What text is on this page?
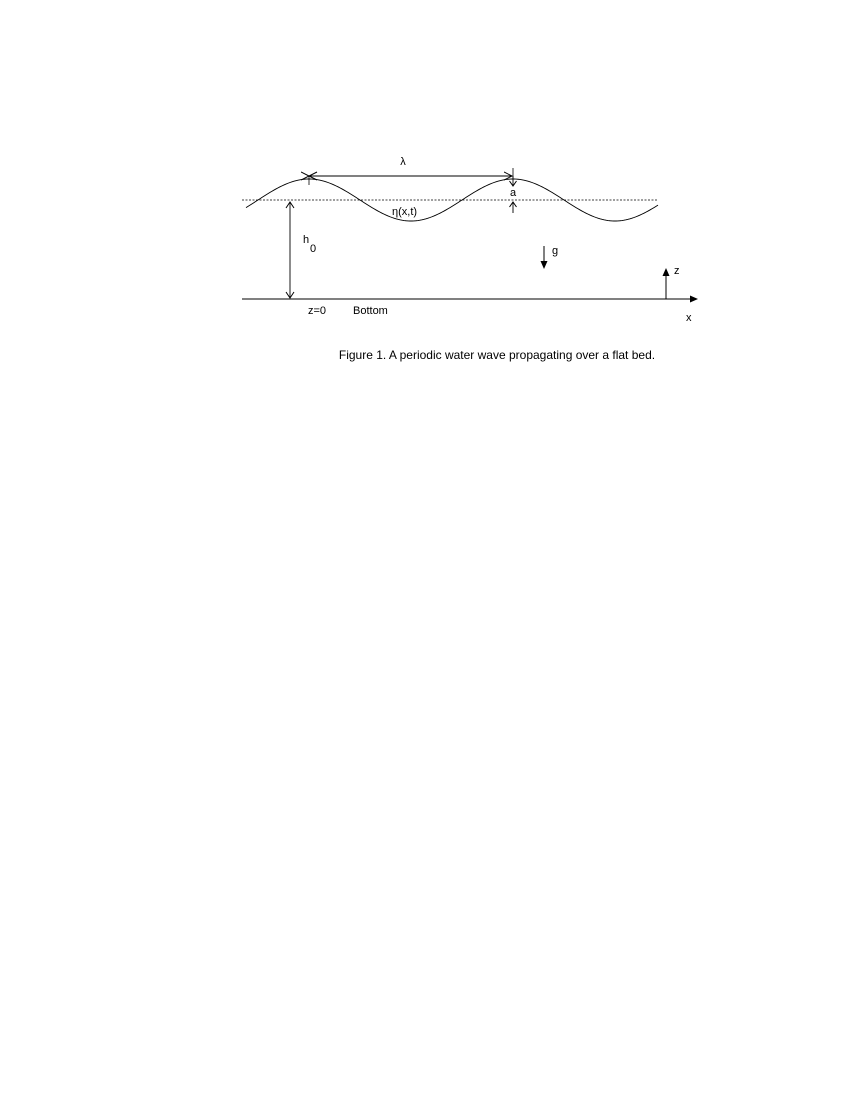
λ
a
η(x,t)
h
0	g
z
x
z=0 Bottom
Figure 1. A periodic water wave propagating over a flat bed.
